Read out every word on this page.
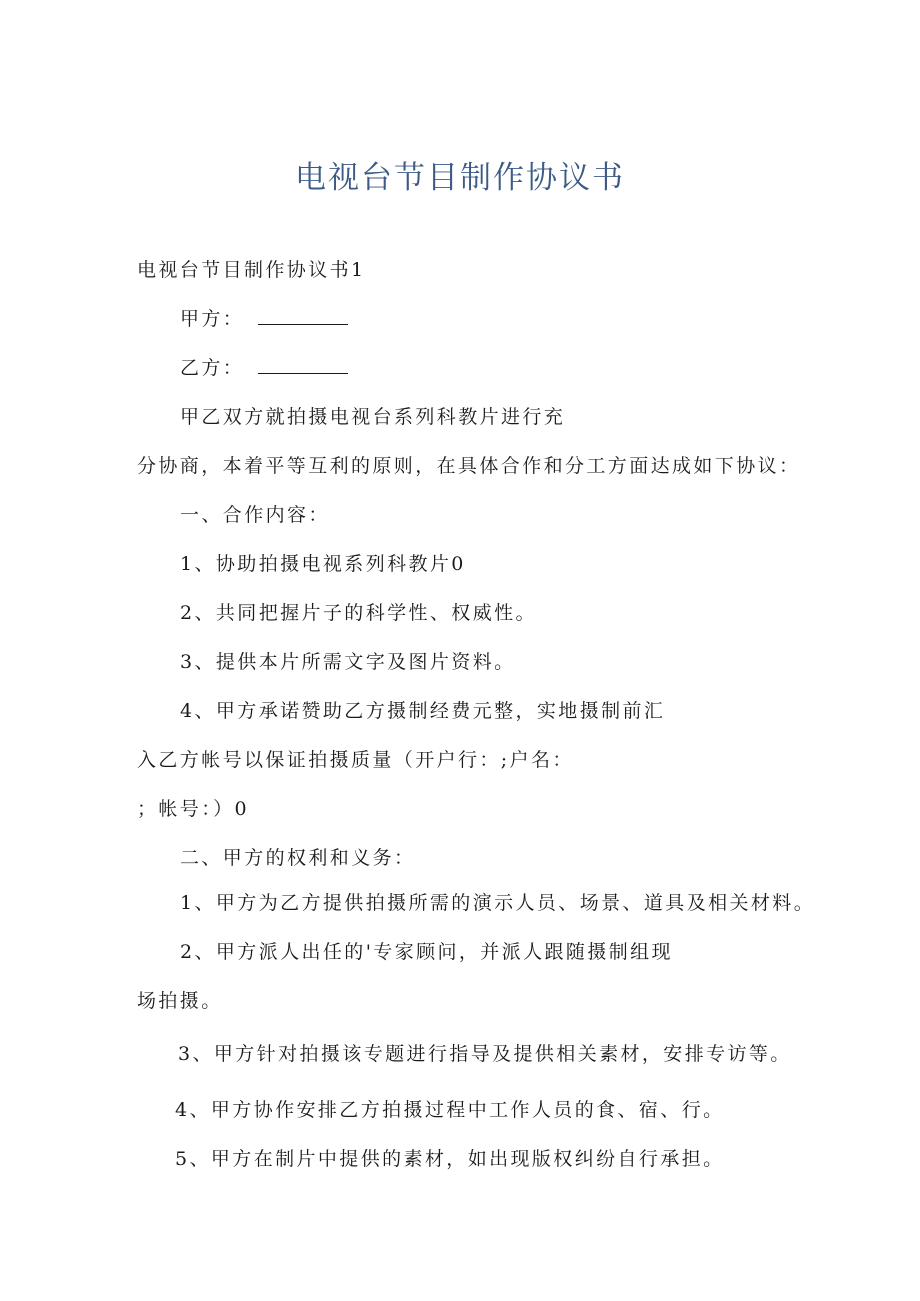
电视台节目制作协议书
电视台节目制作协议书1
甲方：
乙方：
甲乙双方就拍摄电视台系列科教片进行充
分协商，本着平等互利的原则，在具体合作和分工方面达成如下协议：
一、合作内容：
1、协助拍摄电视系列科教片0
2、共同把握片子的科学性、权威性。
3、提供本片所需文字及图片资料。
4、甲方承诺赞助乙方摄制经费元整，实地摄制前汇
入乙方帐号以保证拍摄质量（开户行：;户名：
；帐号：）0
二、甲方的权利和义务：
1、甲方为乙方提供拍摄所需的演示人员、场景、道具及相关材料。
2、甲方派人出任的'专家顾问，并派人跟随摄制组现
场拍摄。
3、甲方针对拍摄该专题进行指导及提供相关素材，安排专访等。
4、甲方协作安排乙方拍摄过程中工作人员的食、宿、行。
5、甲方在制片中提供的素材，如出现版权纠纷自行承担。
